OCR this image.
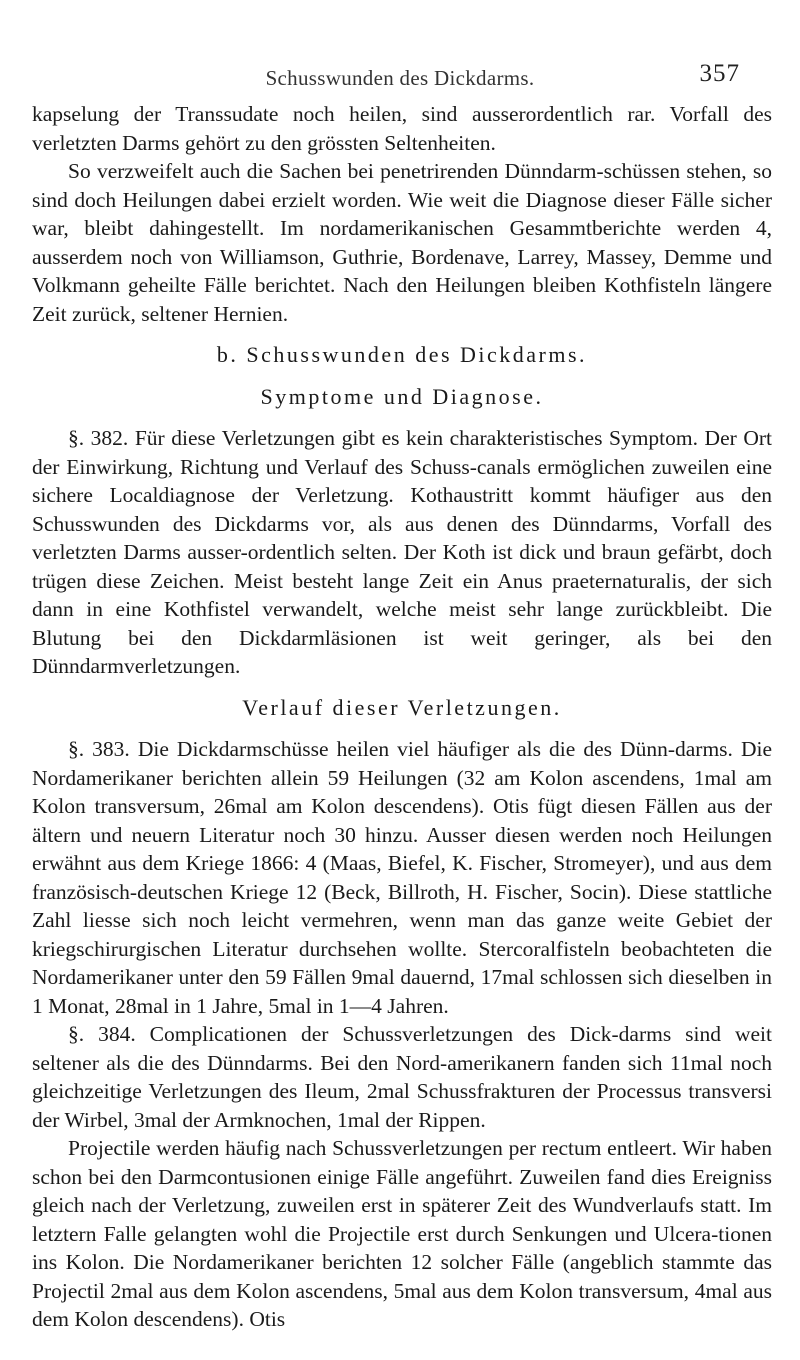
Schusswunden des Dickdarms.	357

kapselung der Transsudate noch heilen, sind ausserordentlich rar. Vorfall des verletzten Darms gehört zu den grössten Seltenheiten.

So verzweifelt auch die Sachen bei penetrirenden Dünndarm-schüssen stehen, so sind doch Heilungen dabei erzielt worden. Wie weit die Diagnose dieser Fälle sicher war, bleibt dahingestellt. Im nordamerikanischen Gesammtberichte werden 4, ausserdem noch von Williamson, Guthrie, Bordenave, Larrey, Massey, Demme und Volkmann geheilte Fälle berichtet. Nach den Heilungen bleiben Kothfisteln längere Zeit zurück, seltener Hernien.

b. Schusswunden des Dickdarms.
Symptome und Diagnose.

§. 382. Für diese Verletzungen gibt es kein charakteristisches Symptom. Der Ort der Einwirkung, Richtung und Verlauf des Schuss-canals ermöglichen zuweilen eine sichere Localdiagnose der Verletzung. Kothaustritt kommt häufiger aus den Schusswunden des Dickdarms vor, als aus denen des Dünndarms, Vorfall des verletzten Darms ausser-ordentlich selten. Der Koth ist dick und braun gefärbt, doch trügen diese Zeichen. Meist besteht lange Zeit ein Anus praeternaturalis, der sich dann in eine Kothfistel verwandelt, welche meist sehr lange zurückbleibt. Die Blutung bei den Dickdarmläsionen ist weit geringer, als bei den Dünndarmverletzungen.

Verlauf dieser Verletzungen.

§. 383. Die Dickdarmschüsse heilen viel häufiger als die des Dünn-darms. Die Nordamerikaner berichten allein 59 Heilungen (32 am Kolon ascendens, 1mal am Kolon transversum, 26mal am Kolon descendens). Otis fügt diesen Fällen aus der ältern und neuern Literatur noch 30 hinzu. Ausser diesen werden noch Heilungen erwähnt aus dem Kriege 1866: 4 (Maas, Biefel, K. Fischer, Stromeyer), und aus dem französisch-deutschen Kriege 12 (Beck, Billroth, H. Fischer, Socin). Diese stattliche Zahl liesse sich noch leicht vermehren, wenn man das ganze weite Gebiet der kriegschirurgischen Literatur durchsehen wollte. Stercoralfisteln beobachteten die Nordamerikaner unter den 59 Fällen 9mal dauernd, 17mal schlossen sich dieselben in 1 Monat, 28mal in 1 Jahre, 5mal in 1—4 Jahren.

§. 384. Complicationen der Schussverletzungen des Dick-darms sind weit seltener als die des Dünndarms. Bei den Nord-amerikanern fanden sich 11mal noch gleichzeitige Verletzungen des Ileum, 2mal Schussfrakturen der Processus transversi der Wirbel, 3mal der Armknochen, 1mal der Rippen.

Projectile werden häufig nach Schussverletzungen per rectum entleert. Wir haben schon bei den Darmcontusionen einige Fälle angeführt. Zuweilen fand dies Ereigniss gleich nach der Verletzung, zuweilen erst in späterer Zeit des Wundverlaufs statt. Im letztern Falle gelangten wohl die Projectile erst durch Senkungen und Ulcera-tionen ins Kolon. Die Nordamerikaner berichten 12 solcher Fälle (angeblich stammte das Projectil 2mal aus dem Kolon ascendens, 5mal aus dem Kolon transversum, 4mal aus dem Kolon descendens). Otis
